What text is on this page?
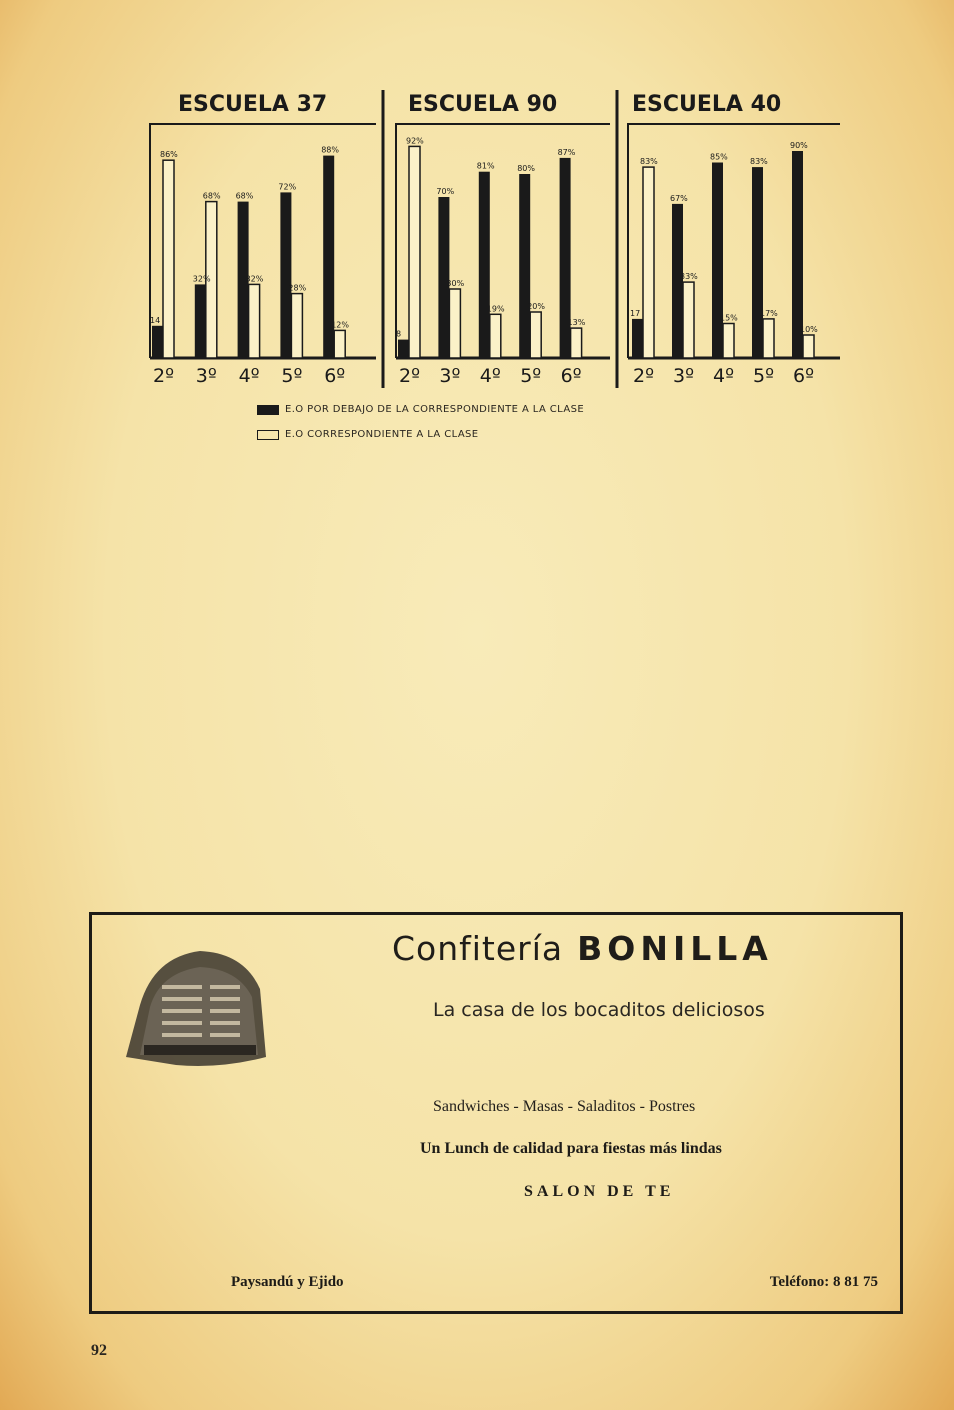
ESCUELA 37
14
86%
2º
32%
68%
3º
68%
32%
4º
72%
28%
5º
88%
12%
6º
ESCUELA 90
8
92%
2º
70%
30%
3º
81%
19%
4º
80%
20%
5º
87%
13%
6º
ESCUELA 40
17
83%
2º
67%
33%
3º
85%
15%
4º
83%
17%
5º
90%
10%
6º
E.O POR DEBAJO DE LA CORRESPONDIENTE A LA CLASE
E.O CORRESPONDIENTE A LA CLASE
Confitería BONILLA
La casa de los bocaditos deliciosos
Sandwiches - Masas - Saladitos - Postres
Un Lunch de calidad para fiestas más lindas
SALON DE TE
Paysandú y Ejido	Teléfono: 8 81 75
92
